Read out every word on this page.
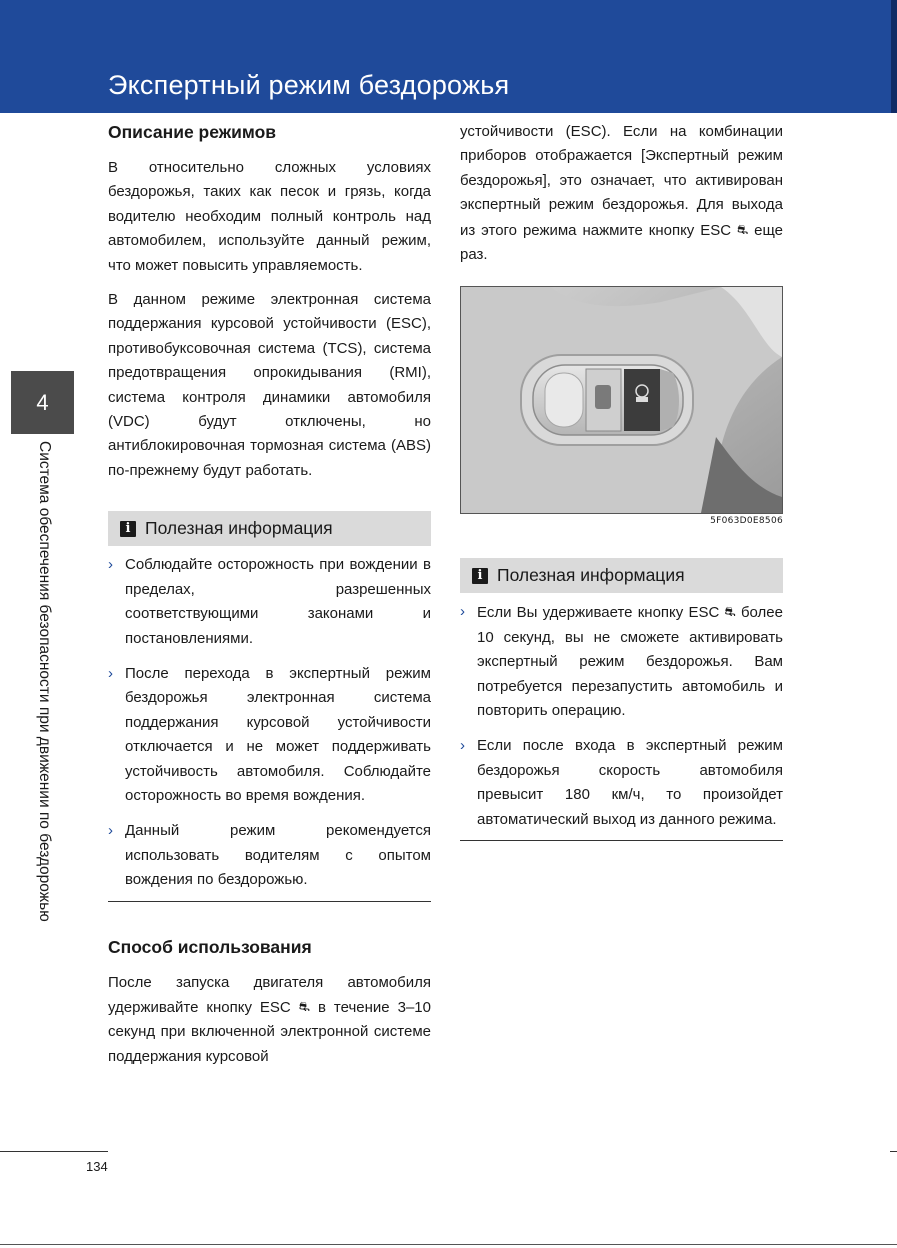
Экспертный режим бездорожья
4
Система обеспечения безопасности при движении по бездорожью

Описание режимов

В относительно сложных условиях бездорожья, таких как песок и грязь, когда водителю необходим полный контроль над автомобилем, используйте данный режим, что может повысить управляемость.

В данном режиме электронная система поддержания курсовой устойчивости (ESC), противобуксовочная система (TCS), система предотвращения опрокидывания (RMI), система контроля динамики автомобиля (VDC) будут отключены, но антиблокировочная тормозная система (ABS) по-прежнему будут работать.

i Полезная информация
› Соблюдайте осторожность при вождении в пределах, разрешенных соответствующими законами и постановлениями.

› После перехода в экспертный режим бездорожья электронная система поддержания курсовой устойчивости отключается и не может поддерживать устойчивость автомобиля. Соблюдайте осторожность во время вождения.

› Данный режим рекомендуется использовать водителям с опытом вождения по бездорожью.

Способ использования

После запуска двигателя автомобиля удерживайте кнопку ESC ⛐ в течение 3–10 секунд при включенной электронной системе поддержания курсовой

устойчивости (ESC). Если на комбинации приборов отображается [Экспертный режим бездорожья], это означает, что активирован экспертный режим бездорожья. Для выхода из этого режима нажмите кнопку ESC ⛐ еще раз.

5F063D0E8506
i Полезная информация
› Если Вы удерживаете кнопку ESC ⛐ более 10 секунд, вы не сможете активировать экспертный режим бездорожья. Вам потребуется перезапустить автомобиль и повторить операцию.

› Если после входа в экспертный режим бездорожья скорость автомобиля превысит 180 км/ч, то произойдет автоматический выход из данного режима.

134
